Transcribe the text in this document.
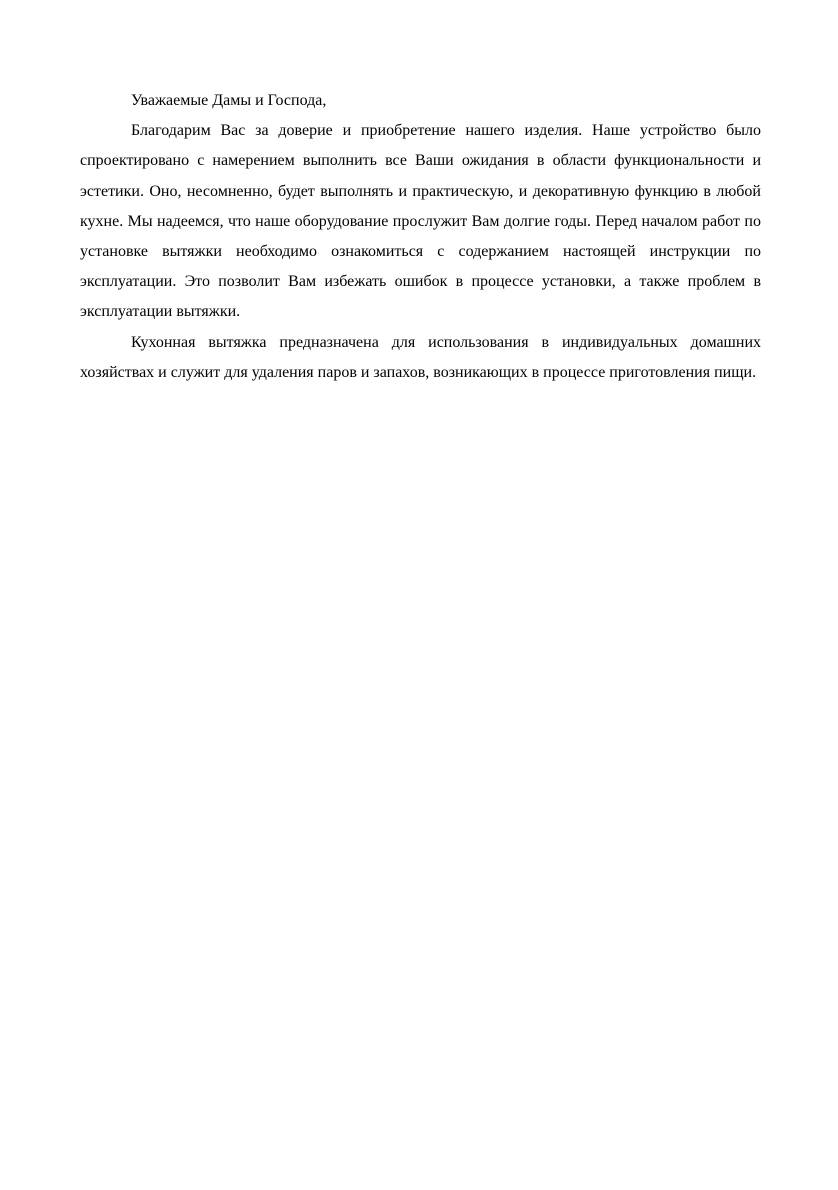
Уважаемые Дамы и Господа,

Благодарим Вас за доверие и приобретение нашего изделия. Наше устройство было спроектировано с намерением выполнить все Ваши ожидания в области функциональности и эстетики. Оно, несомненно, будет выполнять и практическую, и декоративную функцию в любой кухне. Мы надеемся, что наше оборудование прослужит Вам долгие годы. Перед началом работ по установке вытяжки необходимо ознакомиться с содержанием настоящей инструкции по эксплуатации. Это позволит Вам избежать ошибок в процессе установки, а также проблем в эксплуатации вытяжки.

Кухонная вытяжка предназначена для использования в индивидуальных домашних хозяйствах и служит для удаления паров и запахов, возникающих в процессе приготовления пищи.
